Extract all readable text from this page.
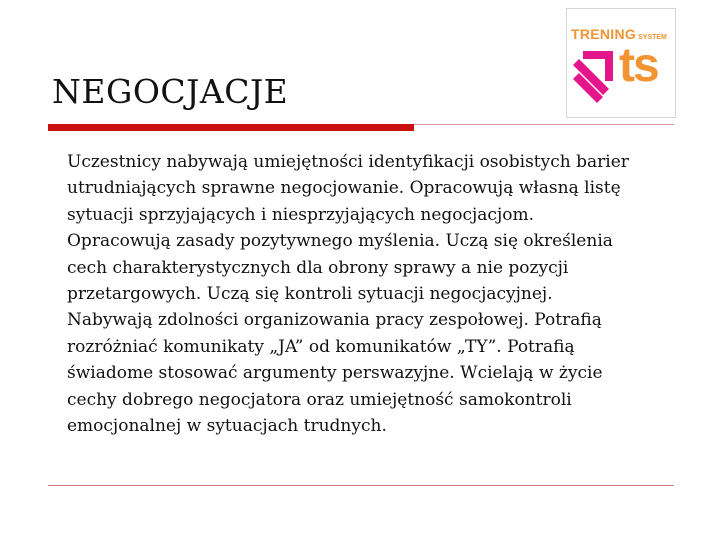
NEGOCJACJE

Uczestnicy nabywają umiejętności identyfikacji osobistych barier utrudniających sprawne negocjowanie. Opracowują własną listę sytuacji sprzyjających i niesprzyjających negocjacjom. Opracowują zasady pozytywnego myślenia. Uczą się określenia cech charakterystycznych dla obrony sprawy a nie pozycji przetargowych. Uczą się kontroli sytuacji negocjacyjnej. Nabywają zdolności organizowania pracy zespołowej. Potrafią rozróżniać komunikaty „JA” od komunikatów „TY”. Potrafią świadome stosować argumenty perswazyjne. Wcielają w życie cechy dobrego negocjatora oraz umiejętność samokontroli emocjonalnej w sytuacjach trudnych.

TRENING SYSTEM
ts
